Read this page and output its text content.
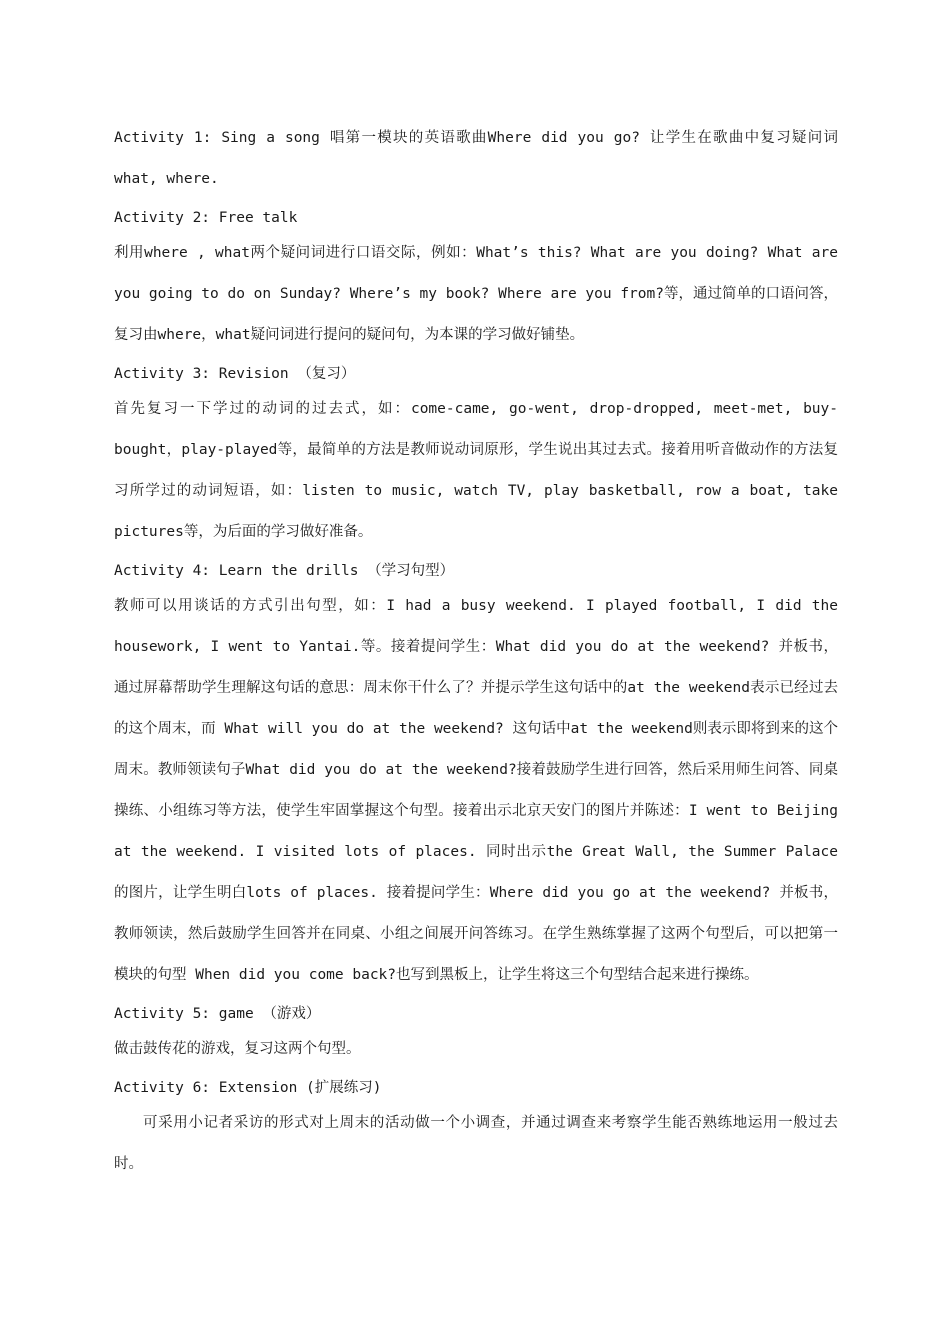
Activity 1: Sing a song 唱第一模块的英语歌曲Where did you go? 让学生在歌曲中复习疑问词what, where.

Activity 2: Free talk

利用where , what两个疑问词进行口语交际，例如：What’s this? What are you doing? What are you going to do on Sunday? Where’s my book? Where are you from?等，通过简单的口语问答，复习由where，what疑问词进行提问的疑问句，为本课的学习做好铺垫。

Activity 3: Revision （复习）

首先复习一下学过的动词的过去式，如：come-came, go-went, drop-dropped, meet-met, buy-bought，play-played等，最简单的方法是教师说动词原形，学生说出其过去式。接着用听音做动作的方法复习所学过的动词短语，如：listen to music, watch TV, play basketball, row a boat, take pictures等，为后面的学习做好准备。

Activity 4: Learn the drills （学习句型）

教师可以用谈话的方式引出句型，如：I had a busy weekend. I played football, I did the housework, I went to Yantai.等。接着提问学生：What did you do at the weekend? 并板书，通过屏幕帮助学生理解这句话的意思：周末你干什么了？并提示学生这句话中的at the weekend表示已经过去的这个周末，而 What will you do at the weekend? 这句话中at the weekend则表示即将到来的这个周末。教师领读句子What did you do at the weekend?接着鼓励学生进行回答，然后采用师生问答、同桌操练、小组练习等方法，使学生牢固掌握这个句型。接着出示北京天安门的图片并陈述：I went to Beijing at the weekend. I visited lots of places. 同时出示the Great Wall, the Summer Palace 的图片，让学生明白lots of places. 接着提问学生：Where did you go at the weekend? 并板书，教师领读，然后鼓励学生回答并在同桌、小组之间展开问答练习。在学生熟练掌握了这两个句型后，可以把第一模块的句型 When did you come back?也写到黑板上，让学生将这三个句型结合起来进行操练。

Activity 5: game （游戏）

做击鼓传花的游戏，复习这两个句型。

Activity 6: Extension (扩展练习)

可采用小记者采访的形式对上周末的活动做一个小调查，并通过调查来考察学生能否熟练地运用一般过去时。
